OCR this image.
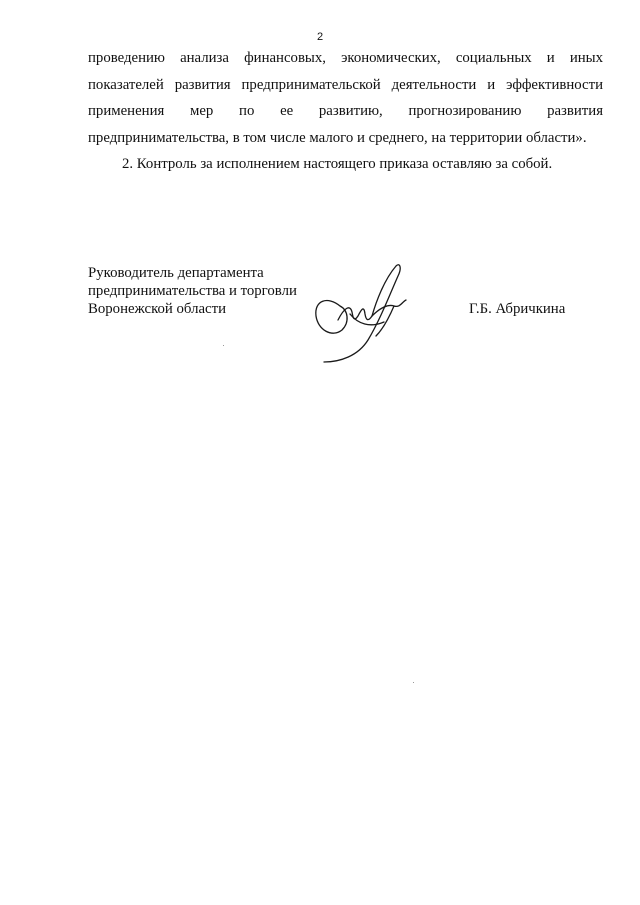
2
проведению анализа финансовых, экономических, социальных и иных
показателей развития предпринимательской деятельности и эффективности
применения мер по ее развитию, прогнозированию развития
предпринимательства, в том числе малого и среднего, на территории области».
2. Контроль за исполнением настоящего приказа оставляю за собой.
Руководитель департамента
предпринимательства и торговли
Воронежской области	Г.Б. Абричкина
